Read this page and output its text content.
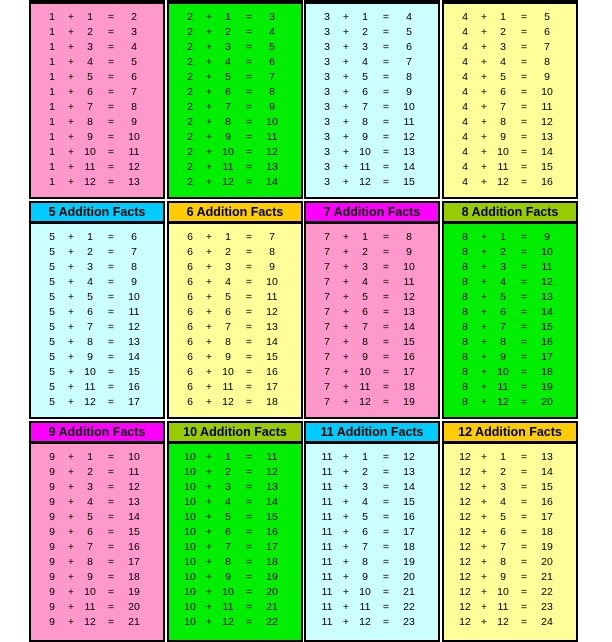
1	+	1	=	2
1	+	2	=	3
1	+	3	=	4
1	+	4	=	5
1	+	5	=	6
1	+	6	=	7
1	+	7	=	8
1	+	8	=	9
1	+	9	=	10
1	+ 10 =	11
1	+ 11 =	12
1	+ 12 =	13
2	+	1	=	3
2	+	2	=	4
2	+	3	=	5
2	+	4	=	6
2	+	5	=	7
2	+	6	=	8
2	+	7	=	9
2	+	8	=	10
2	+	9	=	11
2	+ 10 =	12
2	+ 11 =	13
2	+ 12 =	14
3	+	1	=	4
3	+	2	=	5
3	+	3	=	6
3	+	4	=	7
3	+	5	=	8
3	+	6	=	9
3	+	7	=	10
3	+	8	=	11
3	+	9	=	12
3	+ 10 =	13
3	+ 11 =	14
3	+ 12 =	15
4	+	1	=	5
4	+	2	=	6
4	+	3	=	7
4	+	4	=	8
4	+	5	=	9
4	+	6	=	10
4	+	7	=	11
4	+	8	=	12
4	+	9	=	13
4	+ 10 =	14
4	+ 11 =	15
4	+ 12 =	16
5 Addition Facts
5	+	1	=	6
5	+	2	=	7
5	+	3	=	8
5	+	4	=	9
5	+	5	=	10
5	+	6	=	11
5	+	7	=	12
5	+	8	=	13
5	+	9	=	14
5	+ 10 =	15
5	+ 11 =	16
5	+ 12 =	17
6 Addition Facts
6	+	1	=	7
6	+	2	=	8
6	+	3	=	9
6	+	4	=	10
6	+	5	=	11
6	+	6	=	12
6	+	7	=	13
6	+	8	=	14
6	+	9	=	15
6	+ 10 =	16
6	+ 11 =	17
6	+ 12 =	18
7 Addition Facts
7	+	1	=	8
7	+	2	=	9
7	+	3	=	10
7	+	4	=	11
7	+	5	=	12
7	+	6	=	13
7	+	7	=	14
7	+	8	=	15
7	+	9	=	16
7	+ 10 =	17
7	+ 11 =	18
7	+ 12 =	19
8 Addition Facts
8	+	1	=	9
8	+	2	=	10
8	+	3	=	11
8	+	4	=	12
8	+	5	=	13
8	+	6	=	14
8	+	7	=	15
8	+	8	=	16
8	+	9	=	17
8	+ 10 =	18
8	+ 11 =	19
8	+ 12 =	20
9 Addition Facts
9	+	1	=	10
9	+	2	=	11
9	+	3	=	12
9	+	4	=	13
9	+	5	=	14
9	+	6	=	15
9	+	7	=	16
9	+	8	=	17
9	+	9	=	18
9	+ 10 =	19
9	+ 11 =	20
9	+ 12 =	21
10 Addition Facts
10 +	1	=	11
10 +	2	=	12
10 +	3	=	13
10 +	4	=	14
10 +	5	=	15
10 +	6	=	16
10 +	7	=	17
10 +	8	=	18
10 +	9	=	19
10 + 10 =	20
10 + 11 =	21
10 + 12 =	22
11 Addition Facts
11 +	1	=	12
11 +	2	=	13
11 +	3	=	14
11 +	4	=	15
11 +	5	=	16
11 +	6	=	17
11 +	7	=	18
11 +	8	=	19
11 +	9	=	20
11 + 10 =	21
11 + 11 =	22
11 + 12 =	23
12 Addition Facts
12 +	1	=	13
12 +	2	=	14
12 +	3	=	15
12 +	4	=	16
12 +	5	=	17
12 +	6	=	18
12 +	7	=	19
12 +	8	=	20
12 +	9	=	21
12 + 10 =	22
12 + 11 =	23
12 + 12 =	24
